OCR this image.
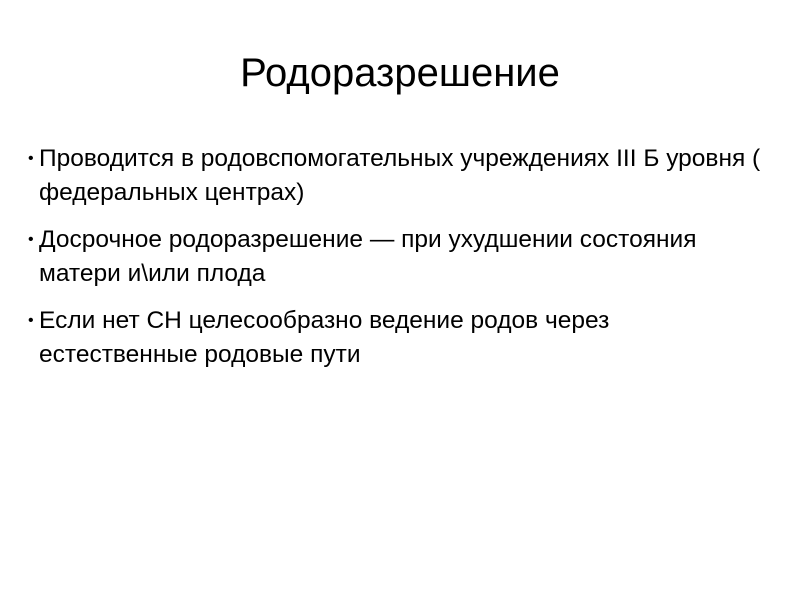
Родоразрешение
• Проводится в родовспомогательных учреждениях III Б уровня ( федеральных центрах)
• Досрочное родоразрешение — при ухудшении состояния матери и\или плода
• Если нет СН целесообразно ведение родов через естественные родовые пути
